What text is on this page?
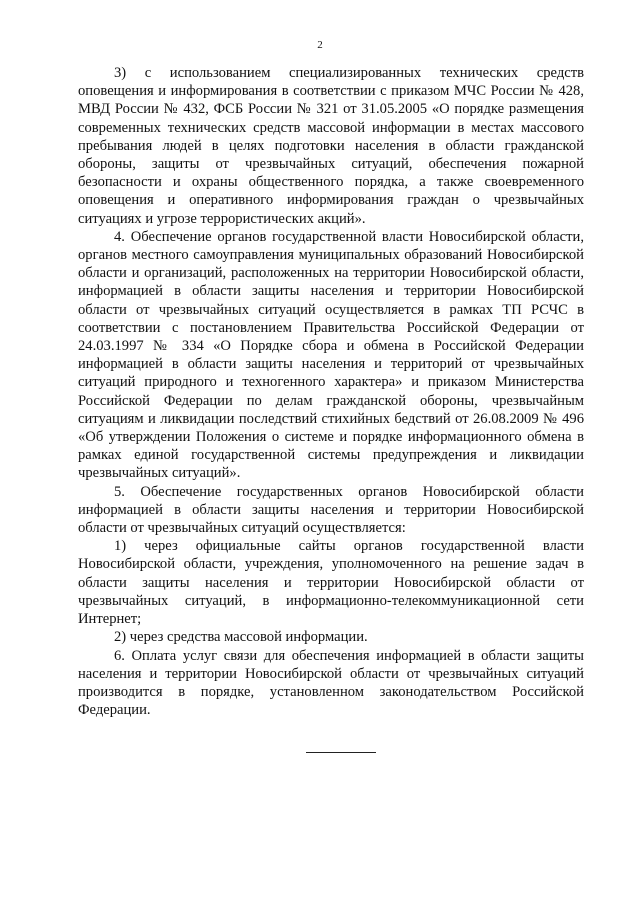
2

3) с использованием специализированных технических средств оповещения и информирования в соответствии с приказом МЧС России № 428, МВД России № 432, ФСБ России № 321 от 31.05.2005 «О порядке размещения современных технических средств массовой информации в местах массового пребывания людей в целях подготовки населения в области гражданской обороны, защиты от чрезвычайных ситуаций, обеспечения пожарной безопасности и охраны общественного порядка, а также своевременного оповещения и оперативного информирования граждан о чрезвычайных ситуациях и угрозе террористических акций».

4. Обеспечение органов государственной власти Новосибирской области, органов местного самоуправления муниципальных образований Новосибирской области и организаций, расположенных на территории Новосибирской области, информацией в области защиты населения и территории Новосибирской области от чрезвычайных ситуаций осуществляется в рамках ТП РСЧС в соответствии с постановлением Правительства Российской Федерации от 24.03.1997 № 334 «О Порядке сбора и обмена в Российской Федерации информацией в области защиты населения и территорий от чрезвычайных ситуаций природного и техногенного характера» и приказом Министерства Российской Федерации по делам гражданской обороны, чрезвычайным ситуациям и ликвидации последствий стихийных бедствий от 26.08.2009 № 496 «Об утверждении Положения о системе и порядке информационного обмена в рамках единой государственной системы предупреждения и ликвидации чрезвычайных ситуаций».

5. Обеспечение государственных органов Новосибирской области информацией в области защиты населения и территории Новосибирской области от чрезвычайных ситуаций осуществляется:

1) через официальные сайты органов государственной власти Новосибирской области, учреждения, уполномоченного на решение задач в области защиты населения и территории Новосибирской области от чрезвычайных ситуаций, в информационно-телекоммуникационной сети Интернет;

2) через средства массовой информации.

6. Оплата услуг связи для обеспечения информацией в области защиты населения и территории Новосибирской области от чрезвычайных ситуаций производится в порядке, установленном законодательством Российской Федерации.
